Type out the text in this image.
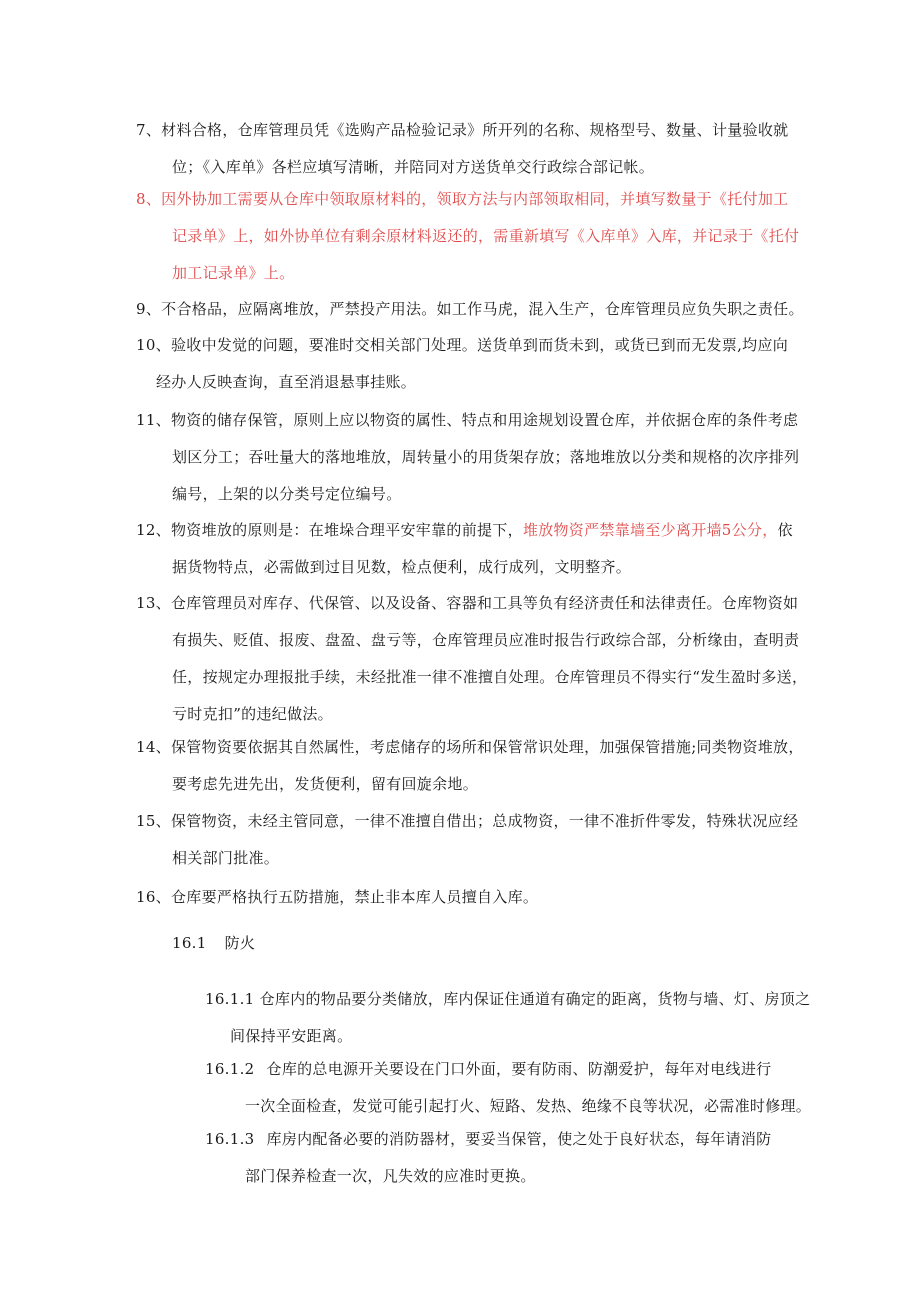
7、材料合格，仓库管理员凭《选购产品检验记录》所开列的名称、规格型号、数量、计量验收就
位；《入库单》各栏应填写清晰，并陪同对方送货单交行政综合部记帐。
8、因外协加工需要从仓库中领取原材料的，领取方法与内部领取相同，并填写数量于《托付加工
记录单》上，如外协单位有剩余原材料返还的，需重新填写《入库单》入库，并记录于《托付
加工记录单》上。
9、不合格品，应隔离堆放，严禁投产用法。如工作马虎，混入生产，仓库管理员应负失职之责任。
10、验收中发觉的问题，要准时交相关部门处理。送货单到而货未到，或货已到而无发票,均应向
经办人反映查询，直至消退悬事挂账。
11、物资的储存保管，原则上应以物资的属性、特点和用途规划设置仓库，并依据仓库的条件考虑
划区分工；吞吐量大的落地堆放，周转量小的用货架存放；落地堆放以分类和规格的次序排列
编号，上架的以分类号定位编号。
12、物资堆放的原则是：在堆垛合理平安牢靠的前提下，堆放物资严禁靠墙至少离开墙5公分，依
据货物特点，必需做到过目见数，检点便利，成行成列，文明整齐。
13、仓库管理员对库存、代保管、以及设备、容器和工具等负有经济责任和法律责任。仓库物资如
有损失、贬值、报废、盘盈、盘亏等，仓库管理员应准时报告行政综合部，分析缘由，查明责
任，按规定办理报批手续，未经批准一律不准擅自处理。仓库管理员不得实行“发生盈时多送，
亏时克扣”的违纪做法。
14、保管物资要依据其自然属性，考虑储存的场所和保管常识处理，加强保管措施;同类物资堆放，
要考虑先进先出，发货便利，留有回旋余地。
15、保管物资，未经主管同意，一律不准擅自借出；总成物资，一律不准折件零发，特殊状况应经
相关部门批准。
16、仓库要严格执行五防措施，禁止非本库人员擅自入库。
16.1 防火
16.1.1 仓库内的物品要分类储放，库内保证住通道有确定的距离，货物与墙、灯、房顶之
间保持平安距离。
16.1.2 仓库的总电源开关要设在门口外面，要有防雨、防潮爱护，每年对电线进行
一次全面检查，发觉可能引起打火、短路、发热、绝缘不良等状况，必需准时修理。
16.1.3 库房内配备必要的消防器材，要妥当保管，使之处于良好状态，每年请消防
部门保养检查一次，凡失效的应准时更换。
